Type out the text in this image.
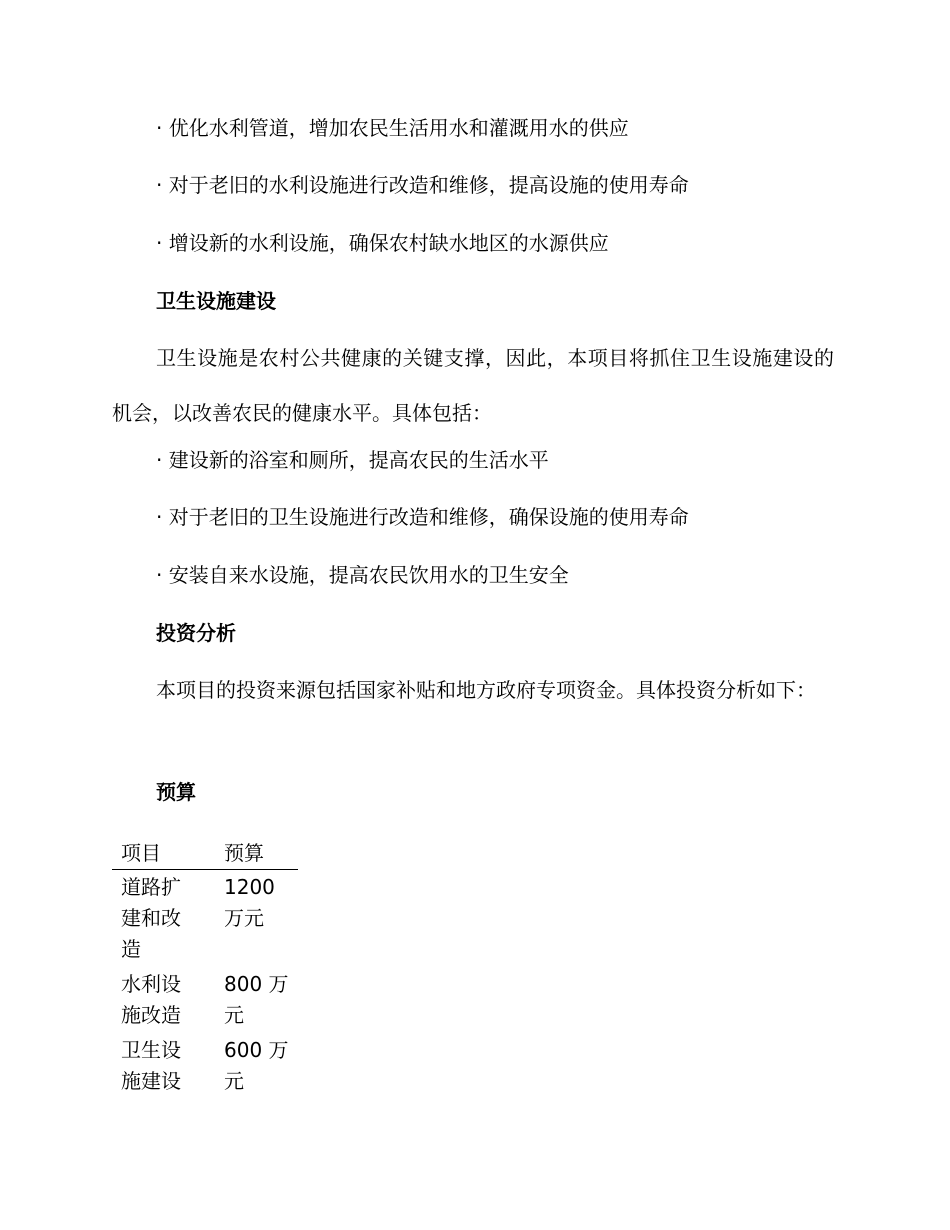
· 优化水利管道，增加农民生活用水和灌溉用水的供应
· 对于老旧的水利设施进行改造和维修，提高设施的使用寿命
· 增设新的水利设施，确保农村缺水地区的水源供应
卫生设施建设
卫生设施是农村公共健康的关键支撑，因此，本项目将抓住卫生设施建设的机会，以改善农民的健康水平。具体包括：
· 建设新的浴室和厕所，提高农民的生活水平
· 对于老旧的卫生设施进行改造和维修，确保设施的使用寿命
· 安装自来水设施，提高农民饮用水的卫生安全
投资分析
本项目的投资来源包括国家补贴和地方政府专项资金。具体投资分析如下：
预算
项目	预算

道路扩建和改造	1200万元

水利设施改造	800 万元

卫生设施建设	600 万元
